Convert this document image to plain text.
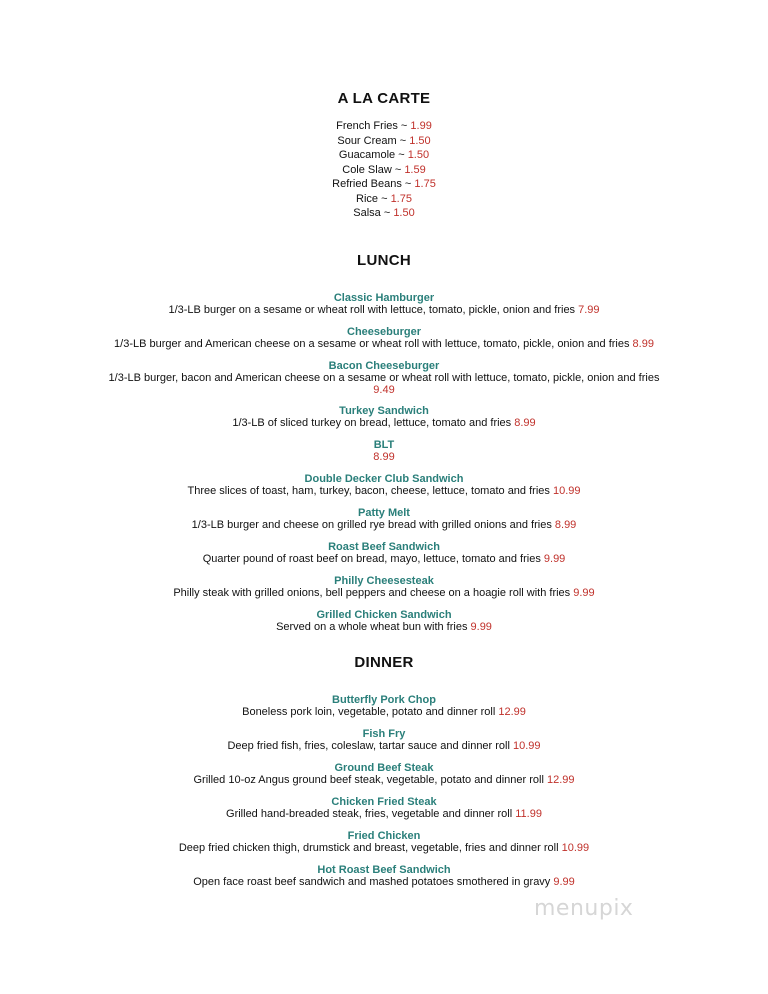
A LA CARTE
French Fries ~ 1.99
Sour Cream ~ 1.50
Guacamole ~ 1.50
Cole Slaw ~ 1.59
Refried Beans ~ 1.75
Rice ~ 1.75
Salsa ~ 1.50
LUNCH
Classic Hamburger
1/3-LB burger on a sesame or wheat roll with lettuce, tomato, pickle, onion and fries 7.99
Cheeseburger
1/3-LB burger and American cheese on a sesame or wheat roll with lettuce, tomato, pickle, onion and fries 8.99
Bacon Cheeseburger
1/3-LB burger, bacon and American cheese on a sesame or wheat roll with lettuce, tomato, pickle, onion and fries 9.49
Turkey Sandwich
1/3-LB of sliced turkey on bread, lettuce, tomato and fries 8.99
BLT
8.99
Double Decker Club Sandwich
Three slices of toast, ham, turkey, bacon, cheese, lettuce, tomato and fries 10.99
Patty Melt
1/3-LB burger and cheese on grilled rye bread with grilled onions and fries 8.99
Roast Beef Sandwich
Quarter pound of roast beef on bread, mayo, lettuce, tomato and fries 9.99
Philly Cheesesteak
Philly steak with grilled onions, bell peppers and cheese on a hoagie roll with fries 9.99
Grilled Chicken Sandwich
Served on a whole wheat bun with fries 9.99
DINNER
Butterfly Pork Chop
Boneless pork loin, vegetable, potato and dinner roll 12.99
Fish Fry
Deep fried fish, fries, coleslaw, tartar sauce and dinner roll 10.99
Ground Beef Steak
Grilled 10-oz Angus ground beef steak, vegetable, potato and dinner roll 12.99
Chicken Fried Steak
Grilled hand-breaded steak, fries, vegetable and dinner roll 11.99
Fried Chicken
Deep fried chicken thigh, drumstick and breast, vegetable, fries and dinner roll 10.99
Hot Roast Beef Sandwich
Open face roast beef sandwich and mashed potatoes smothered in gravy 9.99
menupix
